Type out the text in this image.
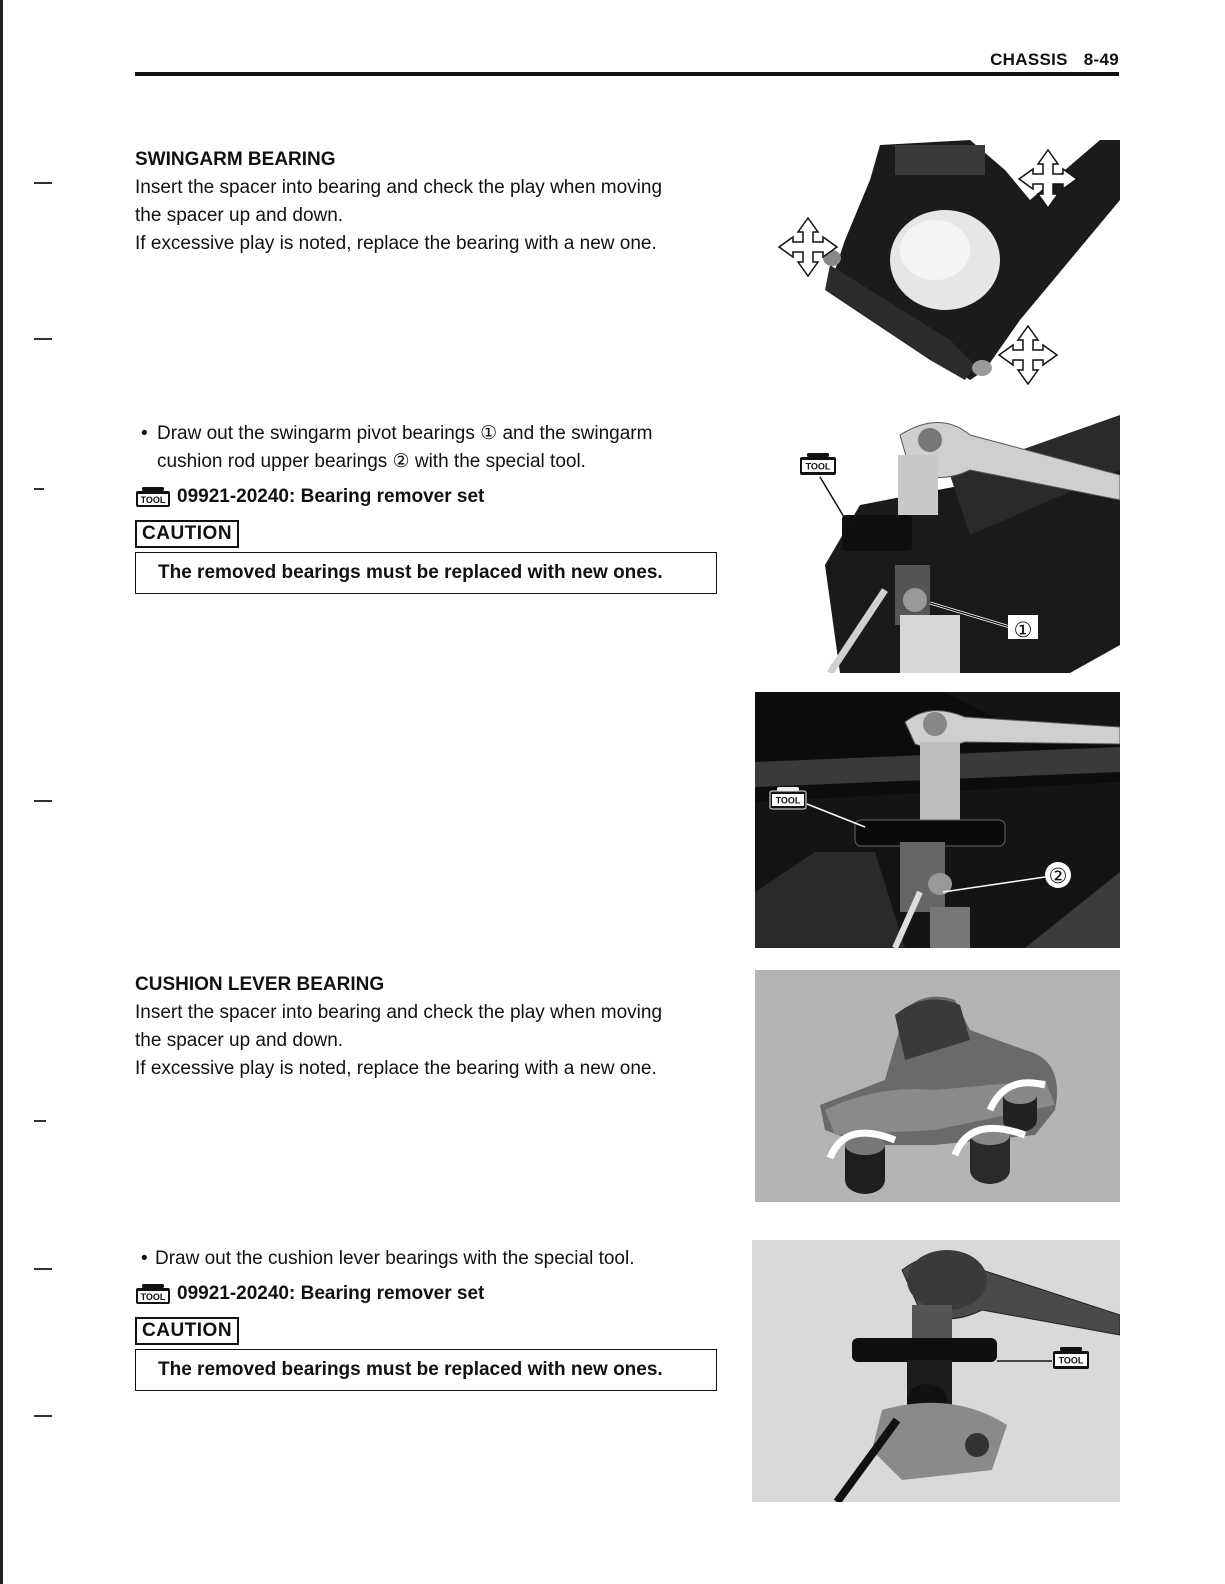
CHASSIS 8-49
SWINGARM BEARING
Insert the spacer into bearing and check the play when moving
the spacer up and down.
If excessive play is noted, replace the bearing with a new one.
• Draw out the swingarm pivot bearings ① and the swingarm
cushion rod upper bearings ② with the special tool.
TOOL 09921-20240: Bearing remover set
CAUTION
The removed bearings must be replaced with new ones.
CUSHION LEVER BEARING
Insert the spacer into bearing and check the play when moving
the spacer up and down.
If excessive play is noted, replace the bearing with a new one.
• Draw out the cushion lever bearings with the special tool.
TOOL 09921-20240: Bearing remover set
CAUTION
The removed bearings must be replaced with new ones.
TOOL
①
TOOL
②
TOOL
